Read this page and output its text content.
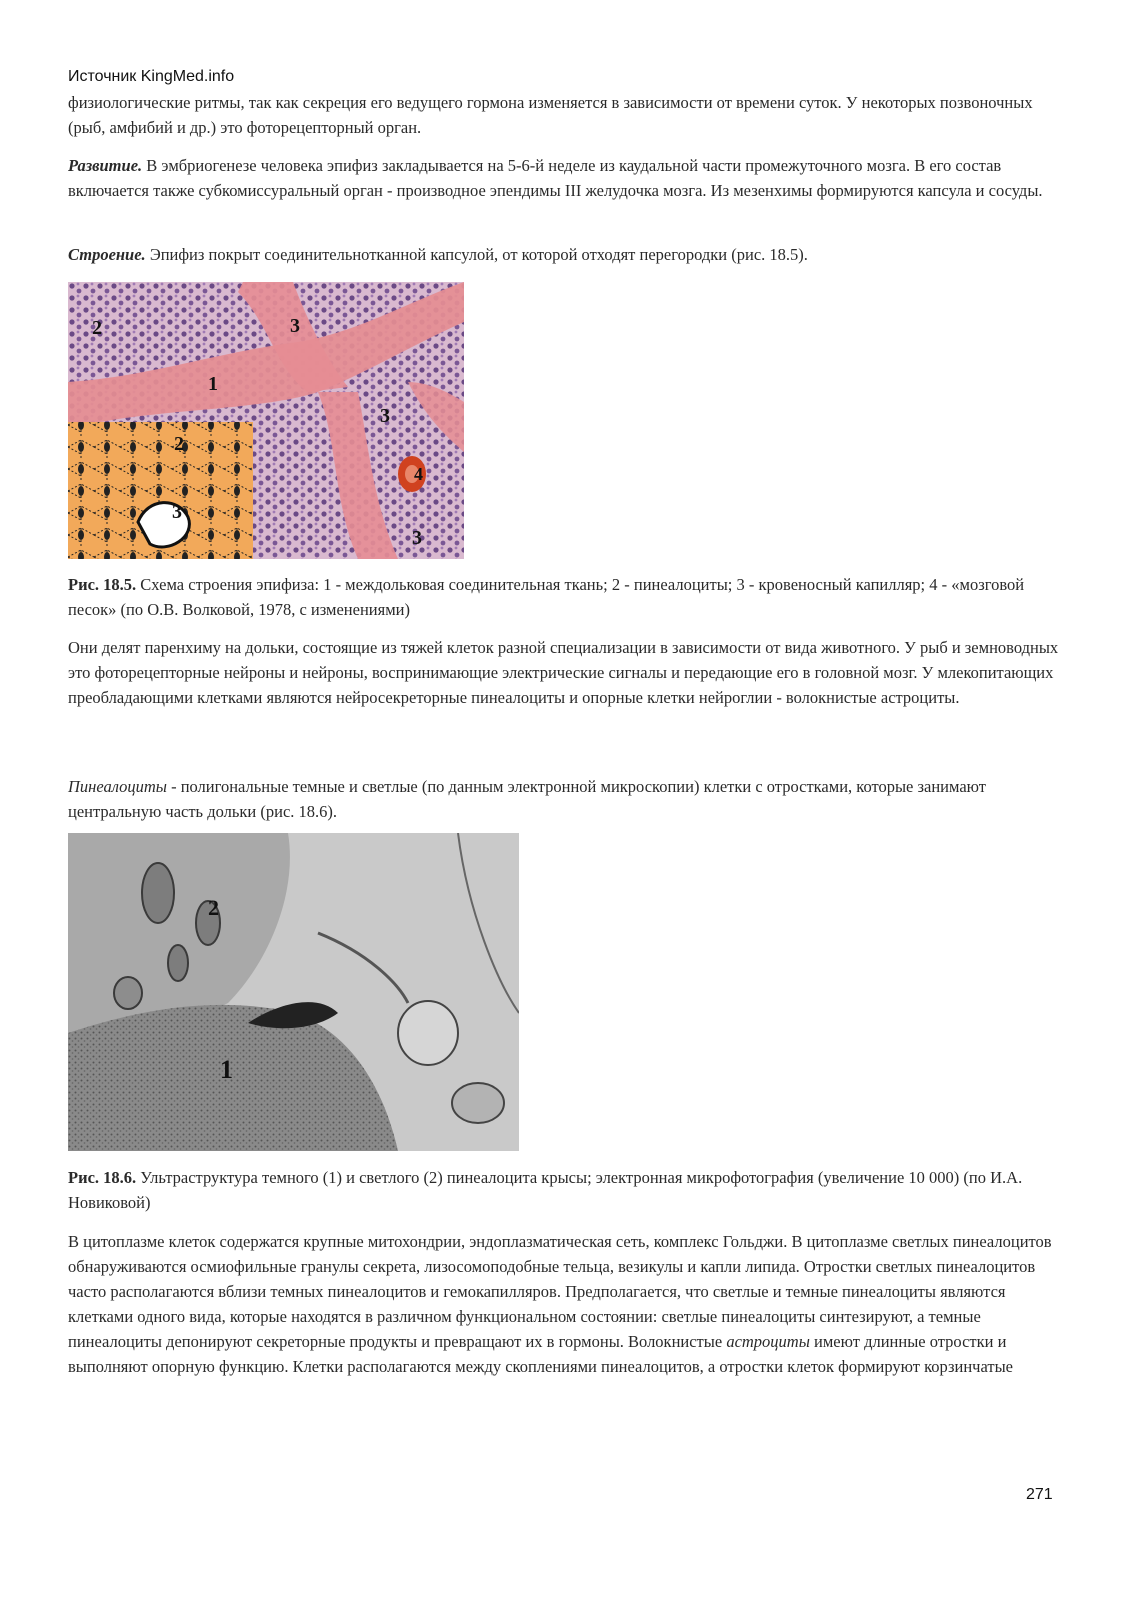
Источник KingMed.info

физиологические ритмы, так как секреция его ведущего гормона изменяется в зависимости от времени суток. У некоторых позвоночных (рыб, амфибий и др.) это фоторецепторный орган.

Развитие. В эмбриогенезе человека эпифиз закладывается на 5-6-й неделе из каудальной части промежуточного мозга. В его состав включается также субкомиссуральный орган - производное эпендимы III желудочка мозга. Из мезенхимы формируются капсула и сосуды.

Строение. Эпифиз покрыт соединительнотканной капсулой, от которой отходят перегородки (рис. 18.5).

2	3
1
3
2
3
4
3

Рис. 18.5. Схема строения эпифиза: 1 - междольковая соединительная ткань; 2 - пинеалоциты; 3 - кровеносный капилляр; 4 - «мозговой песок» (по О.В. Волковой, 1978, с изменениями)

Они делят паренхиму на дольки, состоящие из тяжей клеток разной специализации в зависимости от вида животного. У рыб и земноводных это фоторецепторные нейроны и нейроны, воспринимающие электрические сигналы и передающие его в головной мозг. У млекопитающих преобладающими клетками являются нейросекреторные пинеалоциты и опорные клетки нейроглии - волокнистые астроциты.

Пинеалоциты - полигональные темные и светлые (по данным электронной микроскопии) клетки с отростками, которые занимают центральную часть дольки (рис. 18.6).

2
1

Рис. 18.6. Ультраструктура темного (1) и светлого (2) пинеалоцита крысы; электронная микрофотография (увеличение 10 000) (по И.А. Новиковой)

В цитоплазме клеток содержатся крупные митохондрии, эндоплазматическая сеть, комплекс Гольджи. В цитоплазме светлых пинеалоцитов обнаруживаются осмиофильные гранулы секрета, лизосомоподобные тельца, везикулы и капли липида. Отростки светлых пинеалоцитов часто располагаются вблизи темных пинеалоцитов и гемокапилляров. Предполагается, что светлые и темные пинеалоциты являются клетками одного вида, которые находятся в различном функциональном состоянии: светлые пинеалоциты синтезируют, а темные пинеалоциты депонируют секреторные продукты и превращают их в гормоны. Волокнистые астроциты имеют длинные отростки и выполняют опорную функцию. Клетки располагаются между скоплениями пинеалоцитов, а отростки клеток формируют корзинчатые

271
